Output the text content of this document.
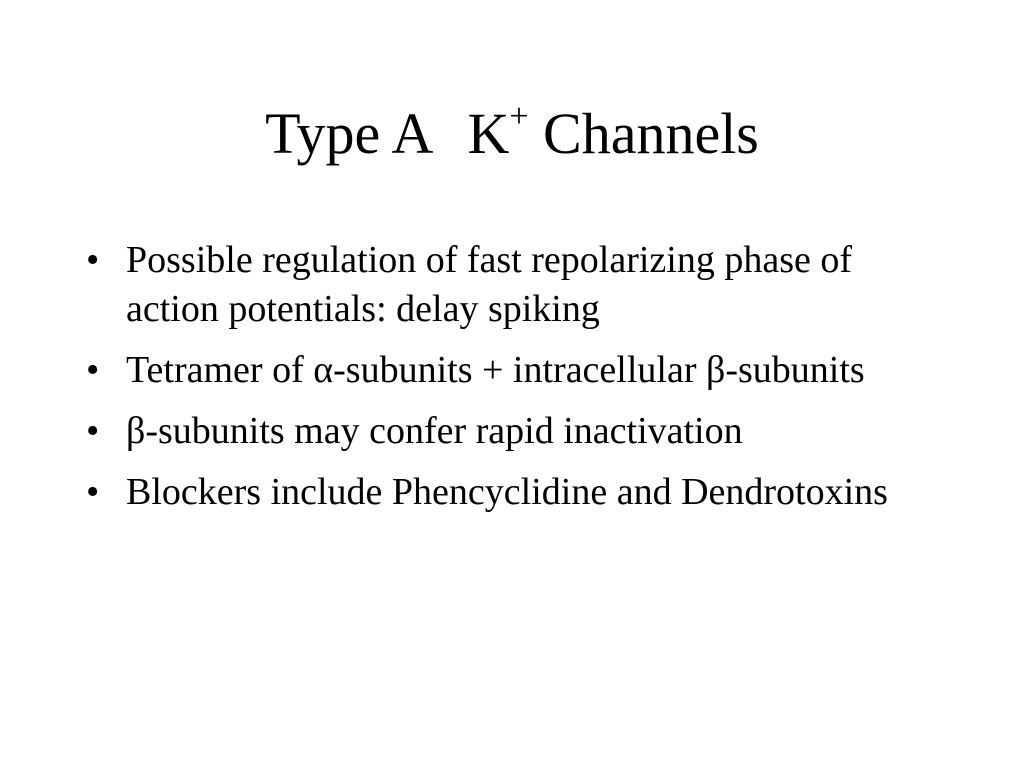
Type A K+ Channels
• Possible regulation of fast repolarizing phase of action potentials: delay spiking
• Tetramer of α-subunits + intracellular β-subunits
• β-subunits may confer rapid inactivation
• Blockers include Phencyclidine and Dendrotoxins
